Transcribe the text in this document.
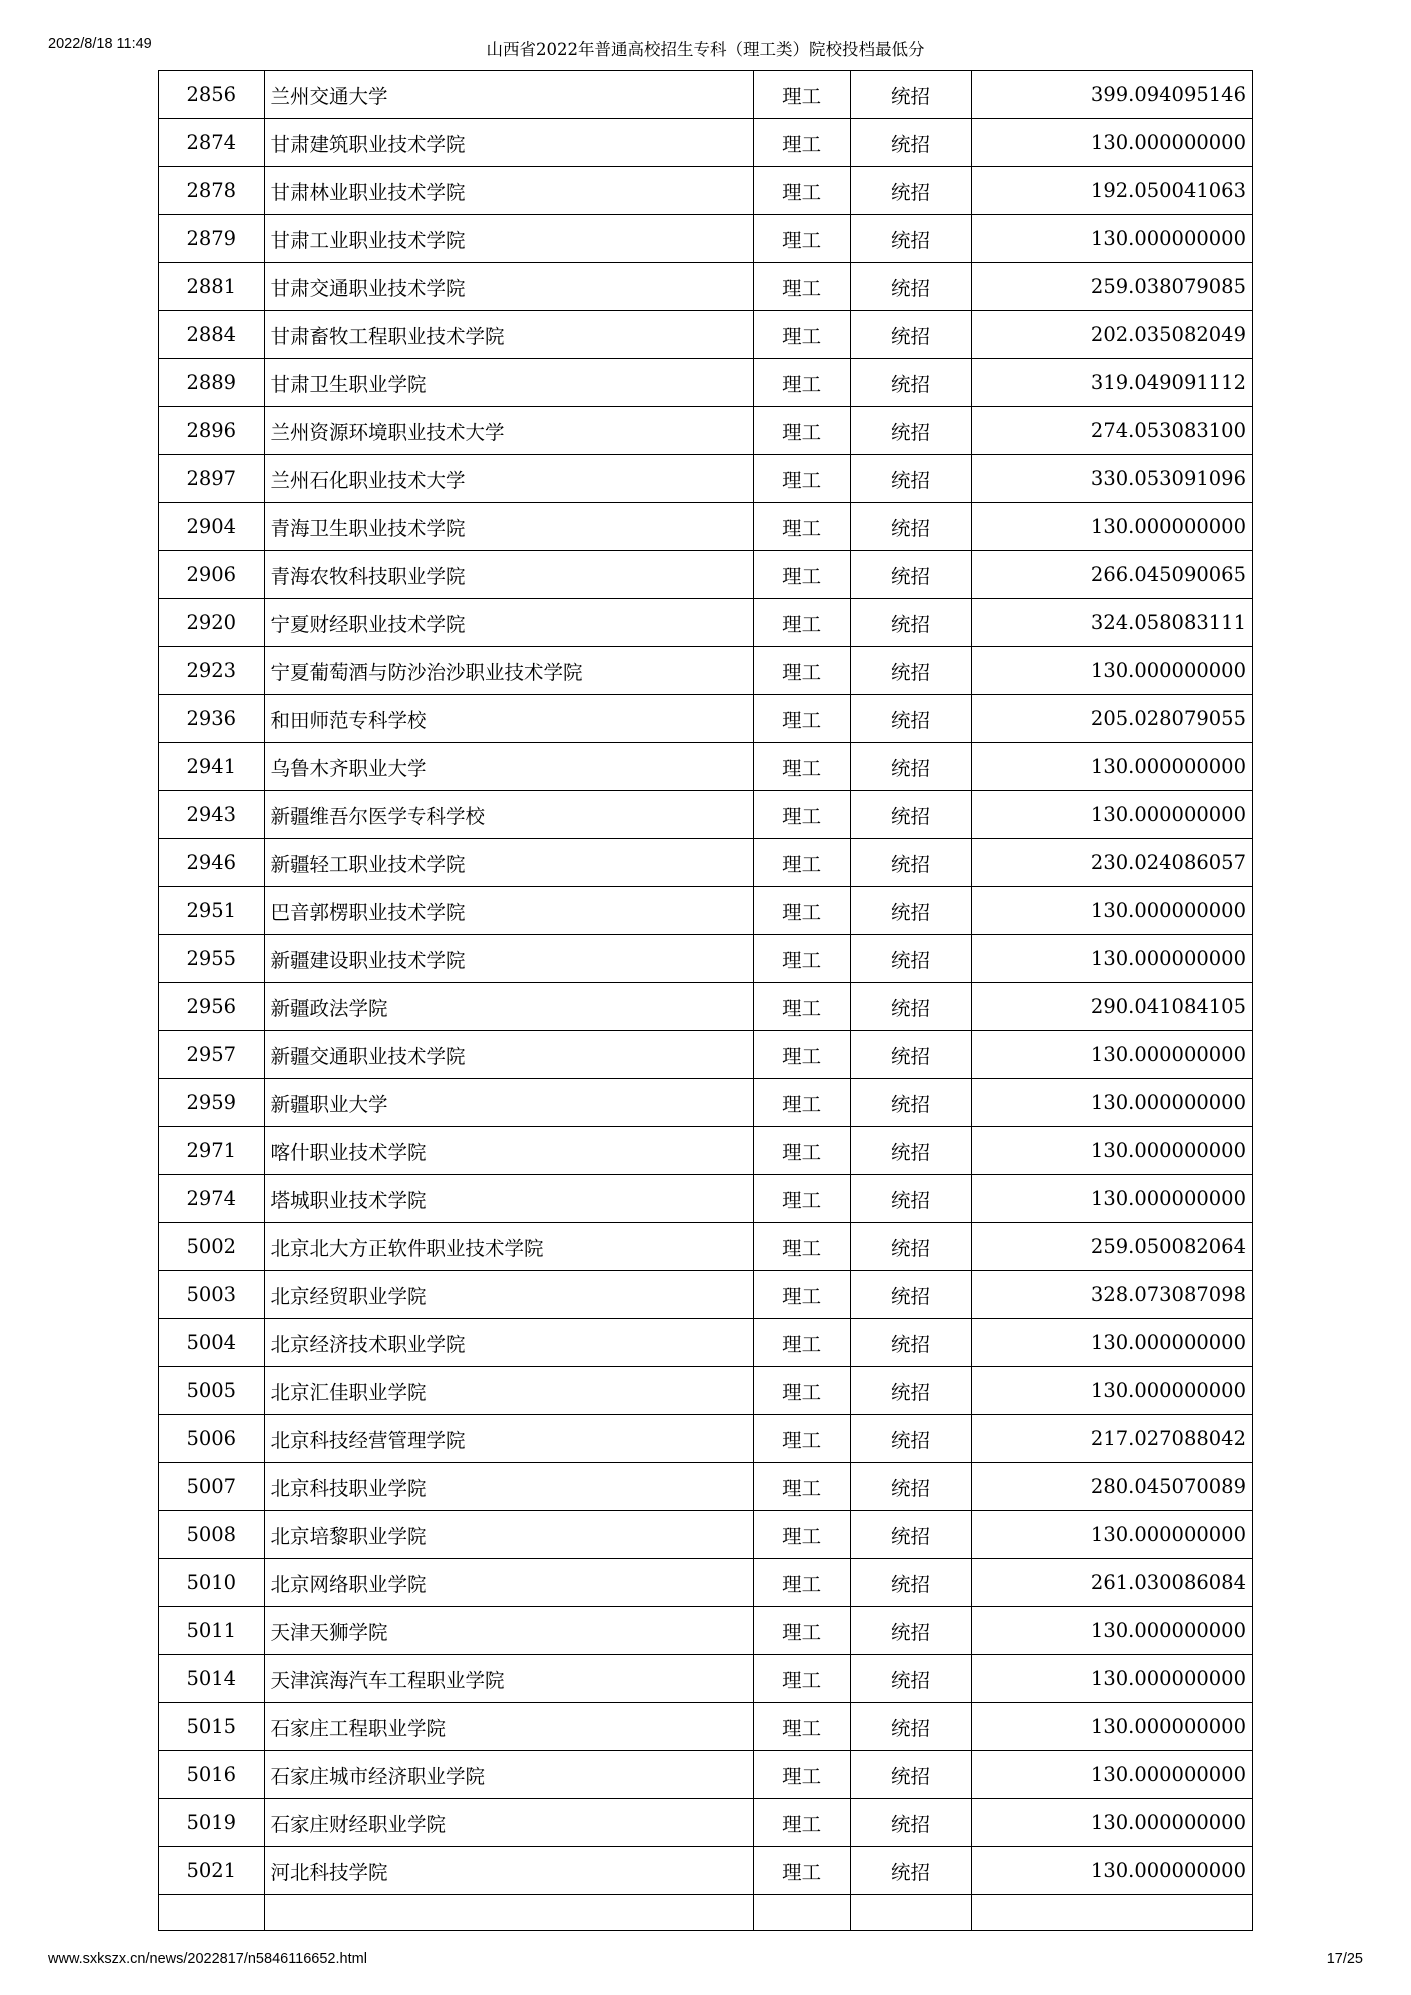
2022/8/18 11:49	山西省2022年普通高校招生专科（理工类）院校投档最低分
2856	兰州交通大学	理工	统招	399.094095146
2874	甘肃建筑职业技术学院	理工	统招	130.000000000
2878	甘肃林业职业技术学院	理工	统招	192.050041063
2879	甘肃工业职业技术学院	理工	统招	130.000000000
2881	甘肃交通职业技术学院	理工	统招	259.038079085
2884	甘肃畜牧工程职业技术学院	理工	统招	202.035082049
2889	甘肃卫生职业学院	理工	统招	319.049091112
2896	兰州资源环境职业技术大学	理工	统招	274.053083100
2897	兰州石化职业技术大学	理工	统招	330.053091096
2904	青海卫生职业技术学院	理工	统招	130.000000000
2906	青海农牧科技职业学院	理工	统招	266.045090065
2920	宁夏财经职业技术学院	理工	统招	324.058083111
2923	宁夏葡萄酒与防沙治沙职业技术学院	理工	统招	130.000000000
2936	和田师范专科学校	理工	统招	205.028079055
2941	乌鲁木齐职业大学	理工	统招	130.000000000
2943	新疆维吾尔医学专科学校	理工	统招	130.000000000
2946	新疆轻工职业技术学院	理工	统招	230.024086057
2951	巴音郭楞职业技术学院	理工	统招	130.000000000
2955	新疆建设职业技术学院	理工	统招	130.000000000
2956	新疆政法学院	理工	统招	290.041084105
2957	新疆交通职业技术学院	理工	统招	130.000000000
2959	新疆职业大学	理工	统招	130.000000000
2971	喀什职业技术学院	理工	统招	130.000000000
2974	塔城职业技术学院	理工	统招	130.000000000
5002	北京北大方正软件职业技术学院	理工	统招	259.050082064
5003	北京经贸职业学院	理工	统招	328.073087098
5004	北京经济技术职业学院	理工	统招	130.000000000
5005	北京汇佳职业学院	理工	统招	130.000000000
5006	北京科技经营管理学院	理工	统招	217.027088042
5007	北京科技职业学院	理工	统招	280.045070089
5008	北京培黎职业学院	理工	统招	130.000000000
5010	北京网络职业学院	理工	统招	261.030086084
5011	天津天狮学院	理工	统招	130.000000000
5014	天津滨海汽车工程职业学院	理工	统招	130.000000000
5015	石家庄工程职业学院	理工	统招	130.000000000
5016	石家庄城市经济职业学院	理工	统招	130.000000000
5019	石家庄财经职业学院	理工	统招	130.000000000
5021	河北科技学院	理工	统招	130.000000000

www.sxkszx.cn/news/2022817/n5846116652.html	17/25
